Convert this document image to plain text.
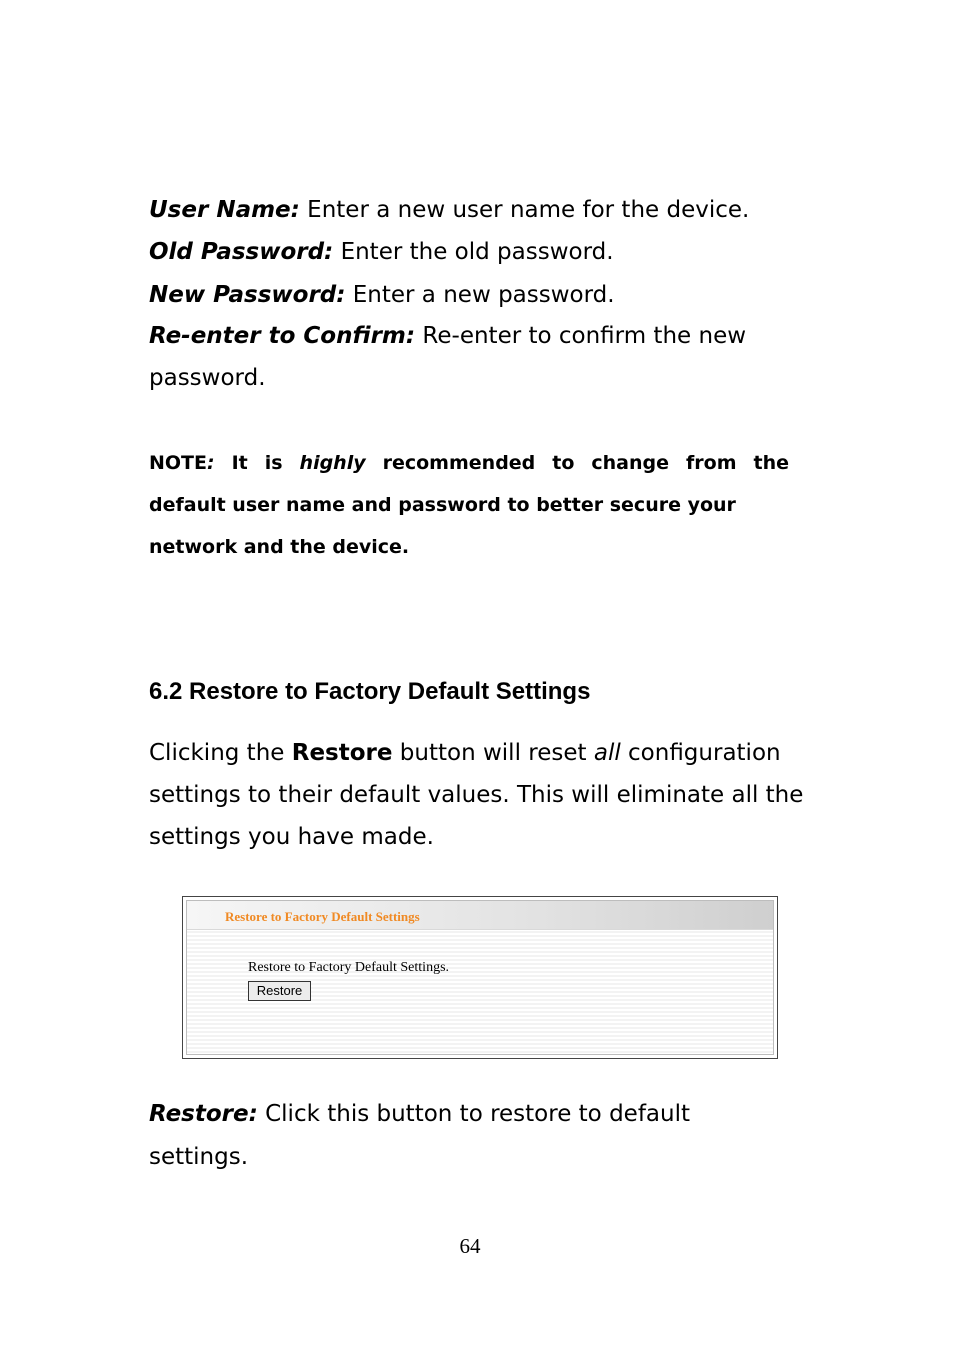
User Name: Enter a new user name for the device.
Old Password: Enter the old password.
New Password: Enter a new password.
Re-enter to Confirm: Re-enter to confirm the new
password.
NOTE: It is highly recommended to change from the
default user name and password to better secure your
network and the device.
6.2 Restore to Factory Default Settings
Clicking the Restore button will reset all configuration settings to their default values. This will eliminate all the settings you have made.
Restore to Factory Default Settings
Restore to Factory Default Settings.
Restore
Restore: Click this button to restore to default
settings.
64
